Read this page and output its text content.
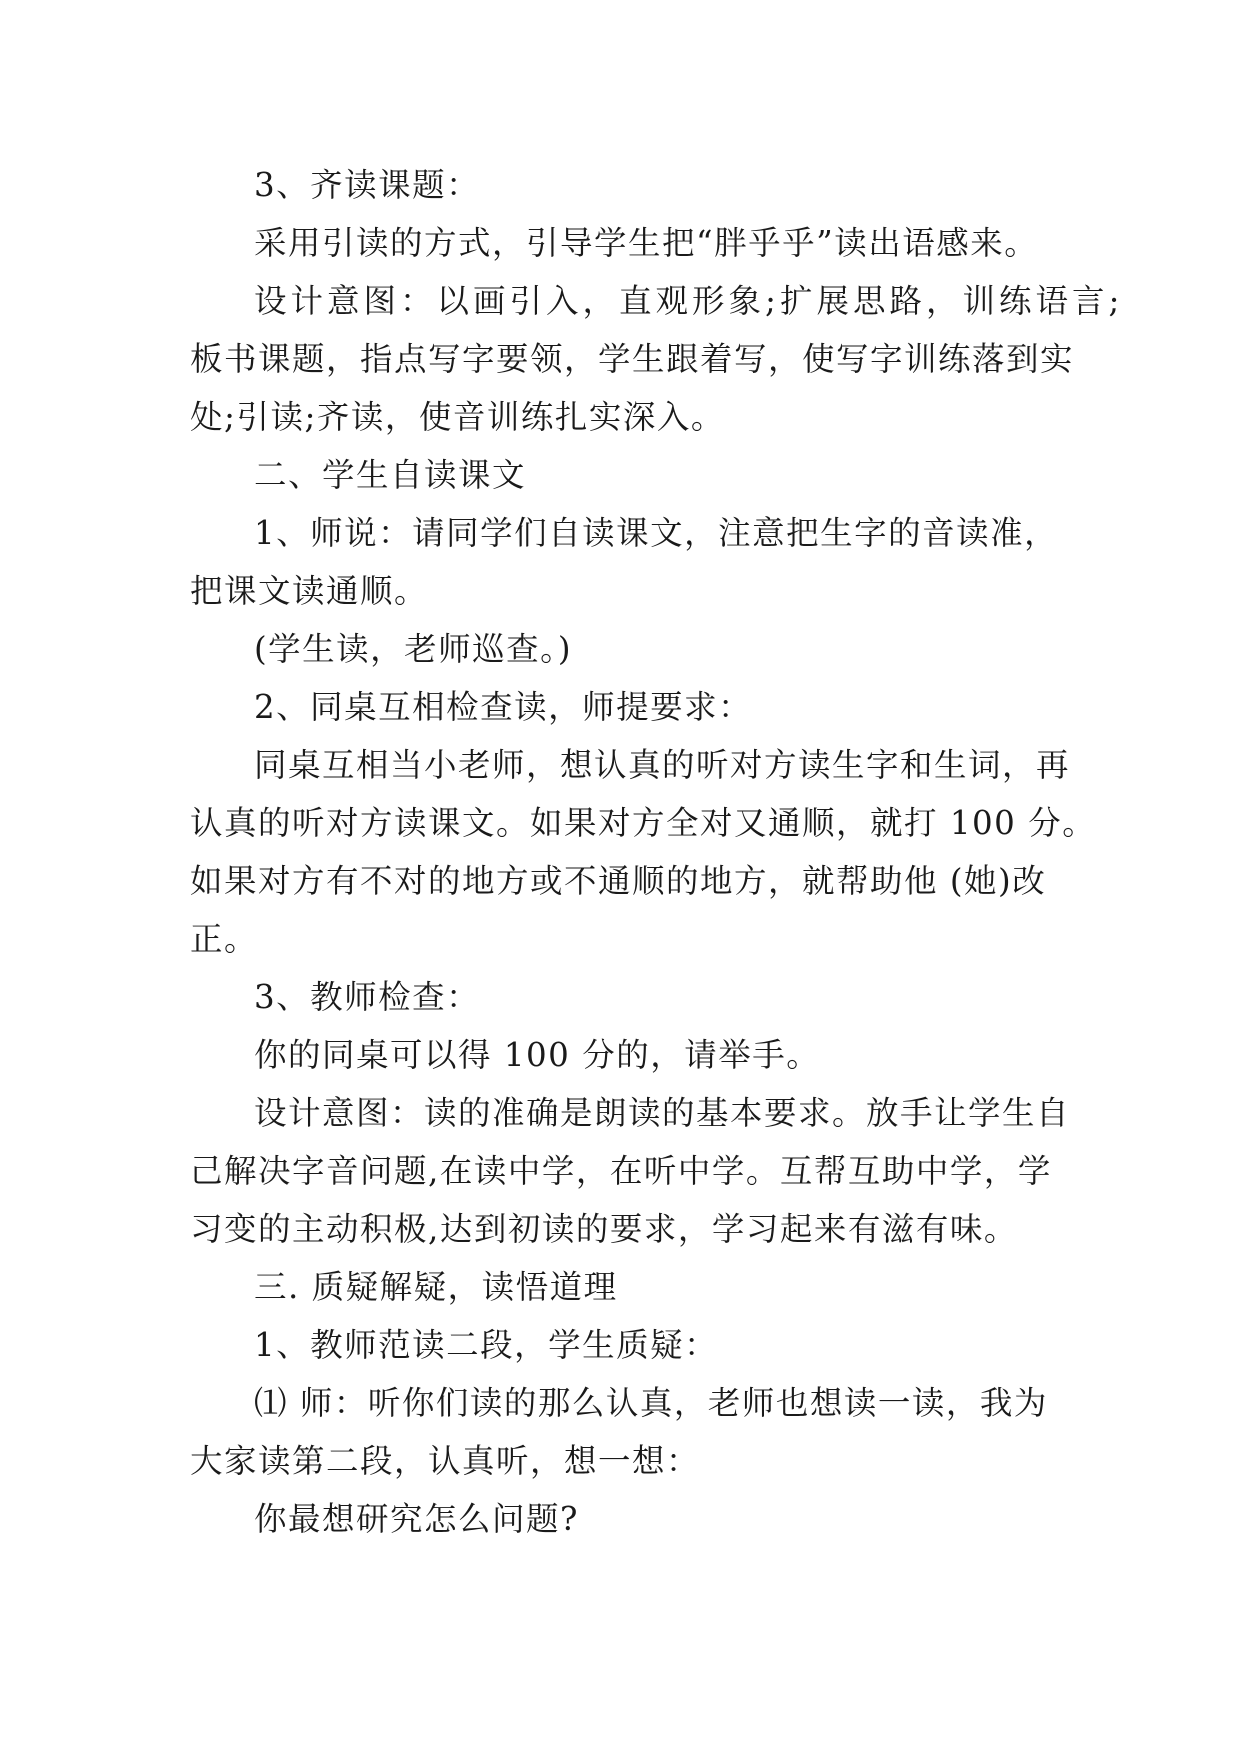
3、齐读课题：
采用引读的方式，引导学生把“胖乎乎”读出语感来。
设计意图：以画引入，直观形象;扩展思路，训练语言;
板书课题，指点写字要领，学生跟着写，使写字训练落到实
处;引读;齐读，使音训练扎实深入。
二、学生自读课文
1、师说：请同学们自读课文，注意把生字的音读准，
把课文读通顺。
(学生读，老师巡查。)
2、同桌互相检查读，师提要求：
同桌互相当小老师，想认真的听对方读生字和生词，再
认真的听对方读课文。如果对方全对又通顺，就打 100 分。
如果对方有不对的地方或不通顺的地方，就帮助他 (她)改
正。
3、教师检查：
你的同桌可以得 100 分的，请举手。
设计意图：读的准确是朗读的基本要求。放手让学生自
己解决字音问题,在读中学，在听中学。互帮互助中学，学
习变的主动积极,达到初读的要求，学习起来有滋有味。
三. 质疑解疑，读悟道理
1、教师范读二段，学生质疑：
⑴ 师：听你们读的那么认真，老师也想读一读，我为
大家读第二段，认真听，想一想：
你最想研究怎么问题?
